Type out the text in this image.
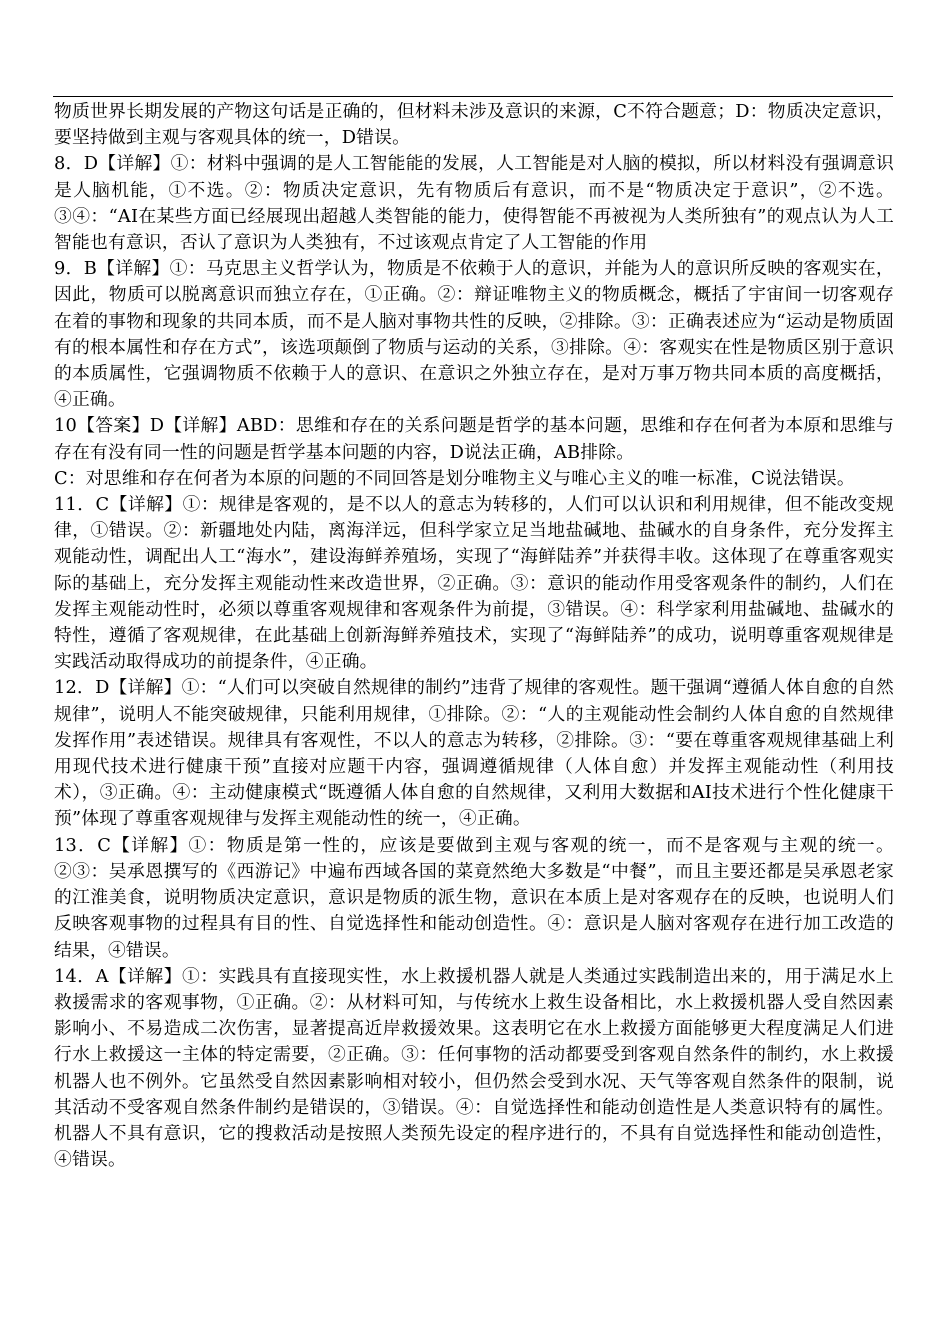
物质世界长期发展的产物这句话是正确的，但材料未涉及意识的来源，C不符合题意；D：物质决定意识，要坚持做到主观与客观具体的统一，D错误。

8．D【详解】①：材料中强调的是人工智能能的发展，人工智能是对人脑的模拟，所以材料没有强调意识是人脑机能，①不选。②：物质决定意识，先有物质后有意识，而不是“物质决定于意识”，②不选。③④：“AI在某些方面已经展现出超越人类智能的能力，使得智能不再被视为人类所独有”的观点认为人工智能也有意识，否认了意识为人类独有，不过该观点肯定了人工智能的作用

9．B【详解】①：马克思主义哲学认为，物质是不依赖于人的意识，并能为人的意识所反映的客观实在，因此，物质可以脱离意识而独立存在，①正确。②：辩证唯物主义的物质概念，概括了宇宙间一切客观存在着的事物和现象的共同本质，而不是人脑对事物共性的反映，②排除。③：正确表述应为“运动是物质固有的根本属性和存在方式”，该选项颠倒了物质与运动的关系，③排除。④：客观实在性是物质区别于意识的本质属性，它强调物质不依赖于人的意识、在意识之外独立存在，是对万事万物共同本质的高度概括，④正确。

10【答案】D【详解】ABD：思维和存在的关系问题是哲学的基本问题，思维和存在何者为本原和思维与存在有没有同一性的问题是哲学基本问题的内容，D说法正确，AB排除。

C：对思维和存在何者为本原的问题的不同回答是划分唯物主义与唯心主义的唯一标准，C说法错误。

11．C【详解】①：规律是客观的，是不以人的意志为转移的，人们可以认识和利用规律，但不能改变规律，①错误。②：新疆地处内陆，离海洋远，但科学家立足当地盐碱地、盐碱水的自身条件，充分发挥主观能动性，调配出人工“海水”，建设海鲜养殖场，实现了“海鲜陆养”并获得丰收。这体现了在尊重客观实际的基础上，充分发挥主观能动性来改造世界，②正确。③：意识的能动作用受客观条件的制约，人们在发挥主观能动性时，必须以尊重客观规律和客观条件为前提，③错误。④：科学家利用盐碱地、盐碱水的特性，遵循了客观规律，在此基础上创新海鲜养殖技术，实现了“海鲜陆养”的成功，说明尊重客观规律是实践活动取得成功的前提条件，④正确。

12．D【详解】①：“人们可以突破自然规律的制约”违背了规律的客观性。题干强调“遵循人体自愈的自然规律”，说明人不能突破规律，只能利用规律，①排除。②：“人的主观能动性会制约人体自愈的自然规律发挥作用”表述错误。规律具有客观性，不以人的意志为转移，②排除。③：“要在尊重客观规律基础上利用现代技术进行健康干预”直接对应题干内容，强调遵循规律（人体自愈）并发挥主观能动性（利用技术），③正确。④：主动健康模式“既遵循人体自愈的自然规律，又利用大数据和AI技术进行个性化健康干预”体现了尊重客观规律与发挥主观能动性的统一，④正确。

13．C【详解】①：物质是第一性的，应该是要做到主观与客观的统一，而不是客观与主观的统一。②③：吴承恩撰写的《西游记》中遍布西域各国的菜竟然绝大多数是“中餐”，而且主要还都是吴承恩老家的江淮美食，说明物质决定意识，意识是物质的派生物，意识在本质上是对客观存在的反映，也说明人们反映客观事物的过程具有目的性、自觉选择性和能动创造性。④：意识是人脑对客观存在进行加工改造的结果，④错误。

14．A【详解】①：实践具有直接现实性，水上救援机器人就是人类通过实践制造出来的，用于满足水上救援需求的客观事物，①正确。②：从材料可知，与传统水上救生设备相比，水上救援机器人受自然因素影响小、不易造成二次伤害，显著提高近岸救援效果。这表明它在水上救援方面能够更大程度满足人们进行水上救援这一主体的特定需要，②正确。③：任何事物的活动都要受到客观自然条件的制约，水上救援机器人也不例外。它虽然受自然因素影响相对较小，但仍然会受到水况、天气等客观自然条件的限制，说其活动不受客观自然条件制约是错误的，③错误。④：自觉选择性和能动创造性是人类意识特有的属性。机器人不具有意识，它的搜救活动是按照人类预先设定的程序进行的，不具有自觉选择性和能动创造性，④错误。
